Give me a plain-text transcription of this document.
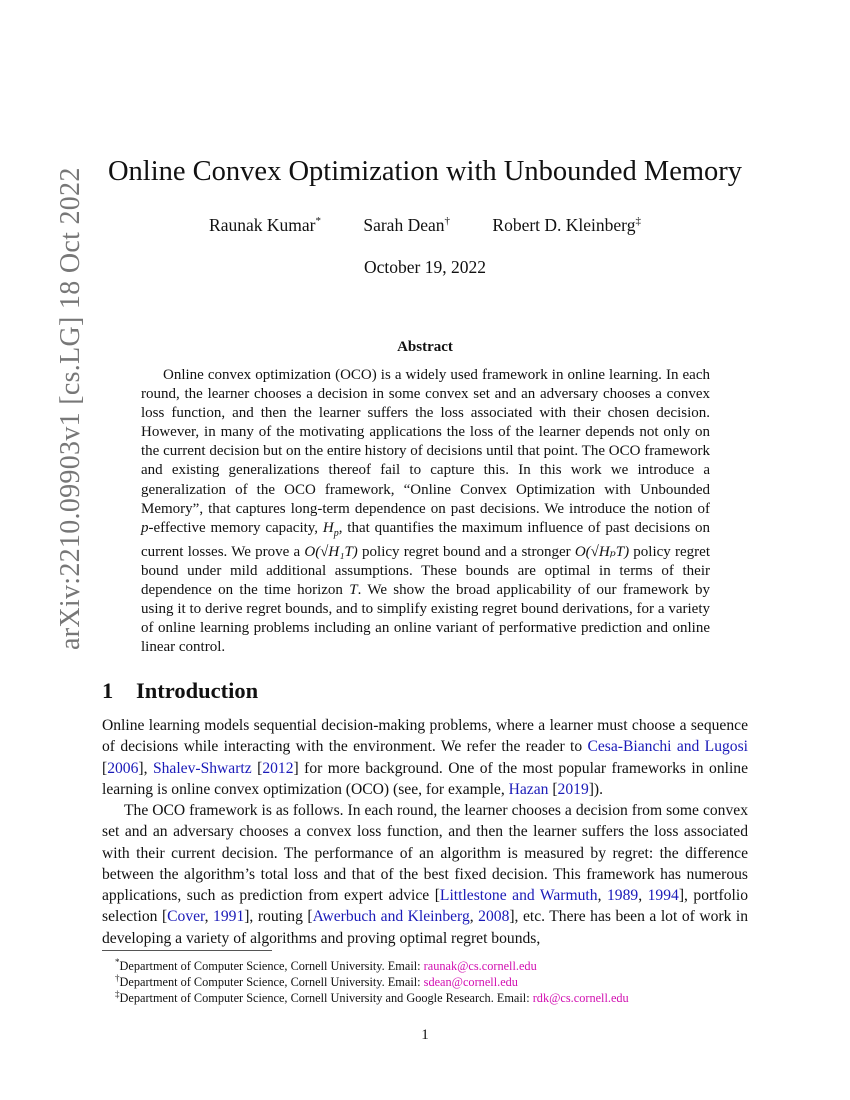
arXiv:2210.09903v1 [cs.LG] 18 Oct 2022 Online Convex Optimization with Unbounded Memory
Raunak Kumar* Sarah Dean† Robert D. Kleinberg‡
October 19, 2022
Abstract
Online convex optimization (OCO) is a widely used framework in online learning. In each round, the learner chooses a decision in some convex set and an adversary chooses a convex loss function, and then the learner suffers the loss associated with their chosen decision. However, in many of the motivating applications the loss of the learner depends not only on the current decision but on the entire history of decisions until that point. The OCO framework and existing generalizations thereof fail to capture this. In this work we introduce a generalization of the OCO framework, “Online Convex Optimization with Unbounded Memory”, that captures long-term dependence on past decisions. We introduce the notion of p-effective memory capacity, $H_p$, that quantifies the maximum influence of past decisions on current losses. We prove a O(√H₁T) policy regret bound and a stronger O(√HₚT) policy regret bound under mild additional assumptions. These bounds are optimal in terms of their dependence on the time horizon T. We show the broad applicability of our framework by using it to derive regret bounds, and to simplify existing regret bound derivations, for a variety of online learning problems including an online variant of performative prediction and online linear control.
1 Introduction
Online learning models sequential decision-making problems, where a learner must choose a sequence of decisions while interacting with the environment. We refer the reader to Cesa-Bianchi and Lugosi [2006], Shalev-Shwartz [2012] for more background. One of the most popular frameworks in online learning is online convex optimization (OCO) (see, for example, Hazan [2019]).
The OCO framework is as follows. In each round, the learner chooses a decision from some convex set and an adversary chooses a convex loss function, and then the learner suffers the loss associated with their current decision. The performance of an algorithm is measured by regret: the difference between the algorithm’s total loss and that of the best fixed decision. This framework has numerous applications, such as prediction from expert advice [Littlestone and Warmuth, 1989, 1994], portfolio selection [Cover, 1991], routing [Awerbuch and Kleinberg, 2008], etc. There has been a lot of work in developing a variety of algorithms and proving optimal regret bounds,
*Department of Computer Science, Cornell University. Email: raunak@cs.cornell.edu
†Department of Computer Science, Cornell University. Email: sdean@cornell.edu
‡Department of Computer Science, Cornell University and Google Research. Email: rdk@cs.cornell.edu
1
